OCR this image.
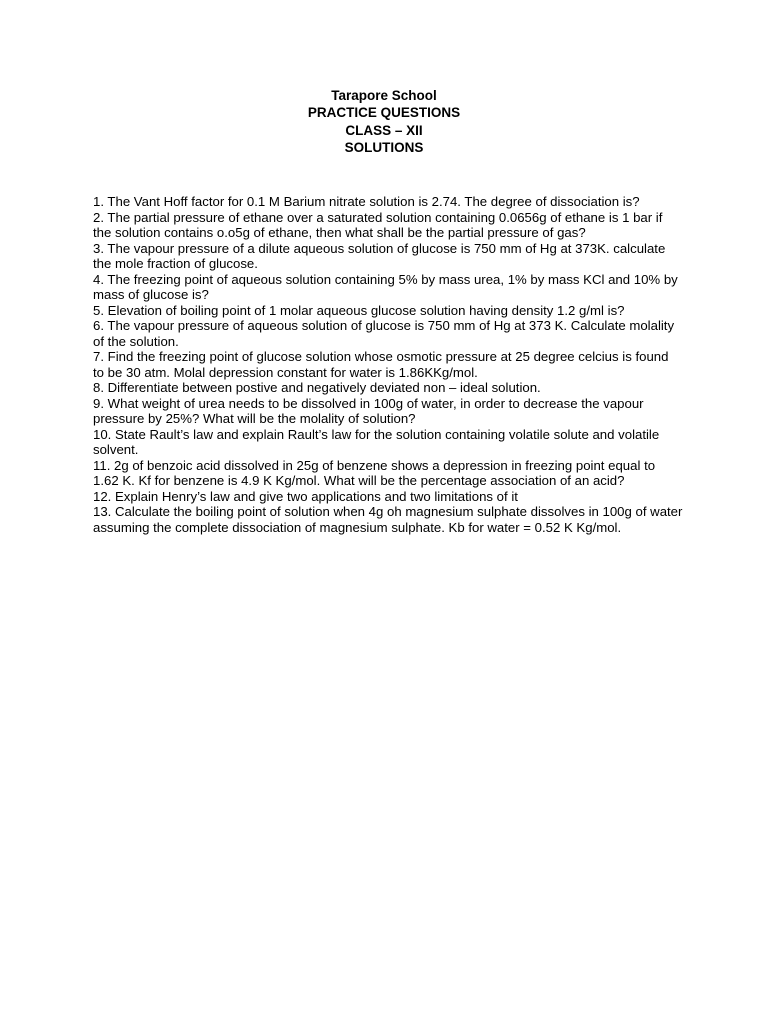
Tarapore School
PRACTICE QUESTIONS
CLASS – XII
SOLUTIONS

1. The Vant Hoff factor for 0.1 M Barium nitrate solution is 2.74. The degree of dissociation is?

2. The partial pressure of ethane over a saturated solution containing 0.0656g of ethane is 1 bar if the solution contains o.o5g of ethane, then what shall be the partial pressure of gas?

3. The vapour pressure of a dilute aqueous solution of glucose is 750 mm of Hg at 373K. calculate the mole fraction of glucose.

4. The freezing point of aqueous solution containing 5% by mass urea, 1% by mass KCl and 10% by mass of glucose is?

5. Elevation of boiling point of 1 molar aqueous glucose solution having density 1.2 g/ml is?

6. The vapour pressure of aqueous solution of glucose is 750 mm of Hg at 373 K. Calculate molality of the solution.

7. Find the freezing point of glucose solution whose osmotic pressure at 25 degree celcius is found to be 30 atm. Molal depression constant for water is 1.86KKg/mol.

8. Differentiate between postive and negatively deviated non – ideal solution.

9. What weight of urea needs to be dissolved in 100g of water, in order to decrease the vapour pressure by 25%? What will be the molality of solution?

10. State Rault’s law and explain Rault’s law for the solution containing volatile solute and volatile solvent.

11. 2g of benzoic acid dissolved in 25g of benzene shows a depression in freezing point equal to 1.62 K. Kf for benzene is 4.9 K Kg/mol. What will be the percentage association of an acid?

12. Explain Henry’s law and give two applications and two limitations of it

13. Calculate the boiling point of solution when 4g oh magnesium sulphate dissolves in 100g of water assuming the complete dissociation of magnesium sulphate. Kb for water = 0.52 K Kg/mol.
